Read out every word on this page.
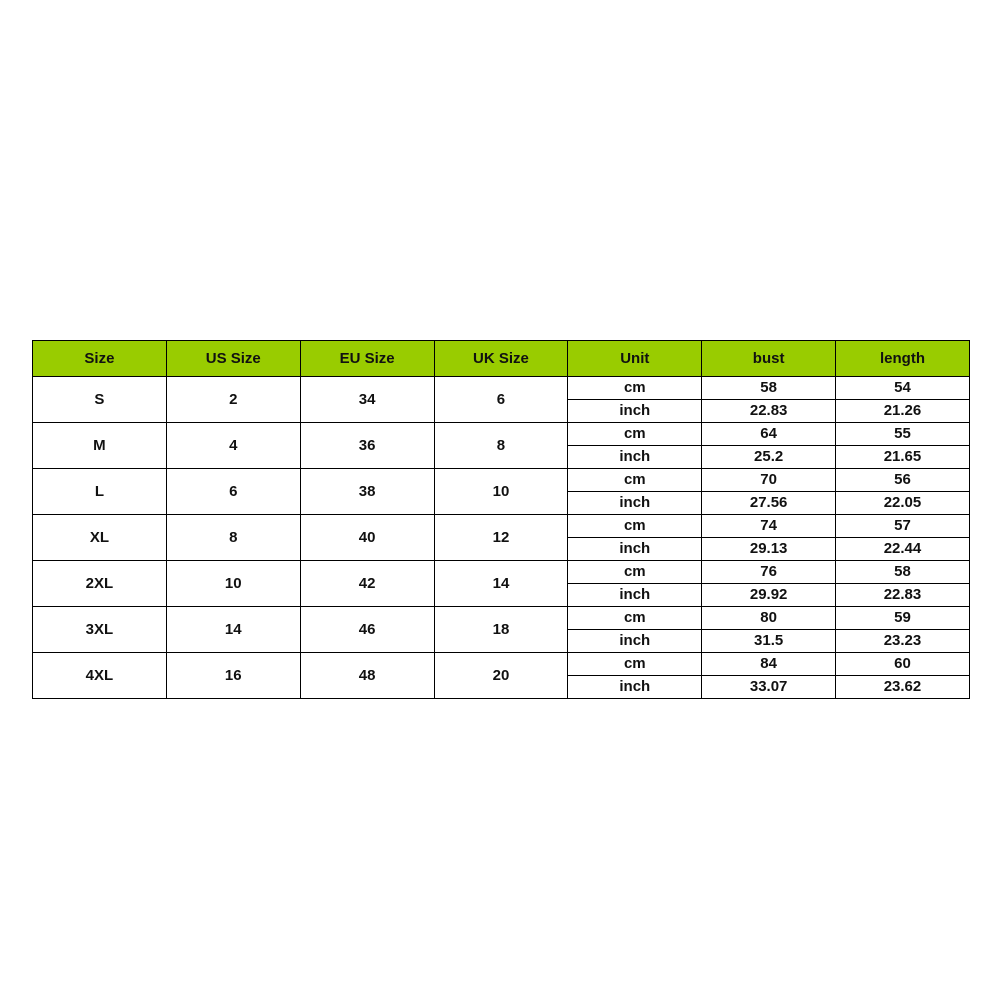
Size	US Size	EU Size	UK Size	Unit	bust	length
S	2	34	6	cm	58	54
				inch	22.83	21.26
M	4	36	8	cm	64	55
				inch	25.2	21.65
L	6	38	10	cm	70	56
				inch	27.56	22.05
XL	8	40	12	cm	74	57
				inch	29.13	22.44
2XL	10	42	14	cm	76	58
				inch	29.92	22.83
3XL	14	46	18	cm	80	59
				inch	31.5	23.23
4XL	16	48	20	cm	84	60
				inch	33.07	23.62
